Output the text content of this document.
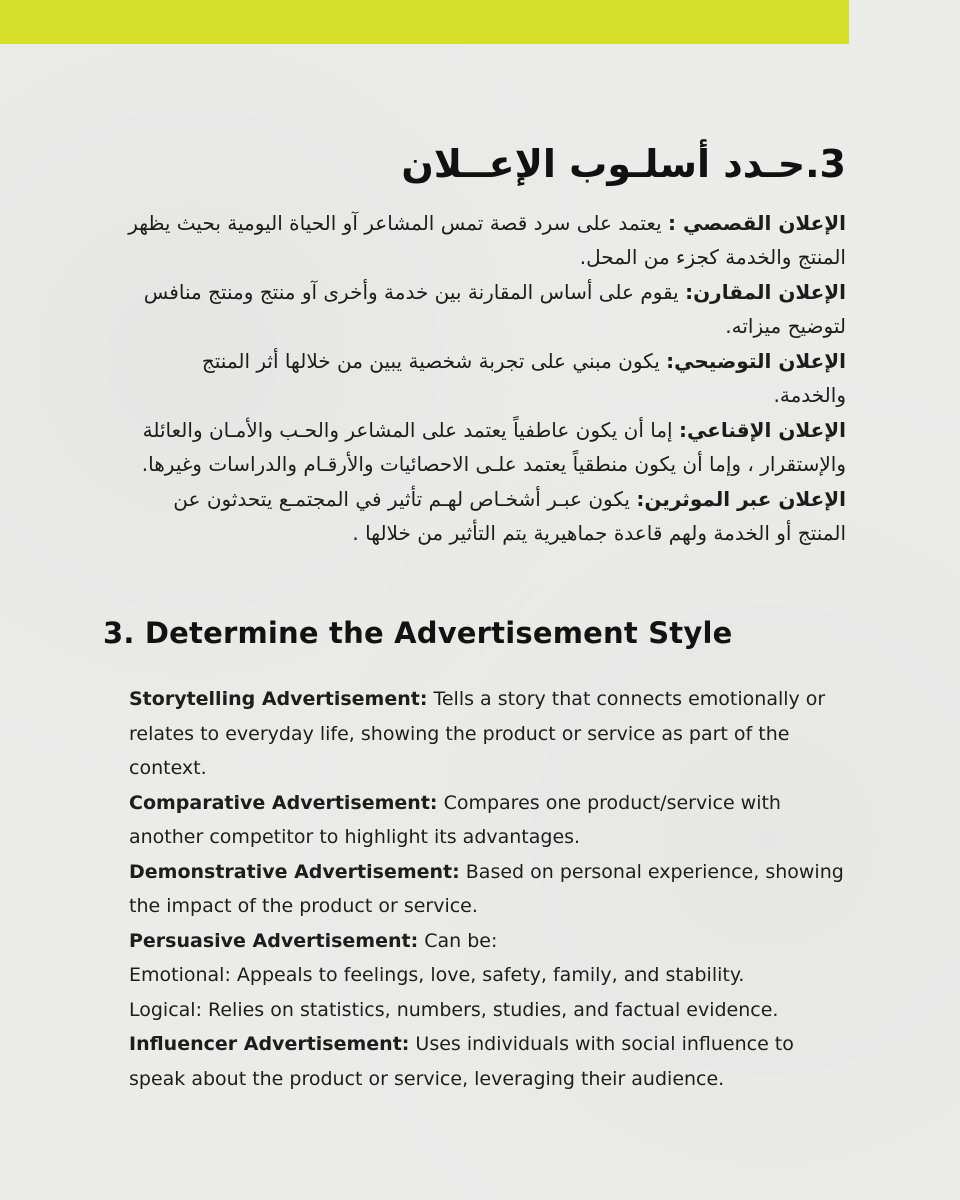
3.حـدد أسلـوب الإعــلان

الإعلان القصصي : يعتمد على سرد قصة تمس المشاعر آو الحياة اليومية بحيث يظهر المنتج والخدمة كجزء من المحل.

الإعلان المقارن: يقوم على أساس المقارنة بين خدمة وأخرى آو منتج ومنتج منافس لتوضيح ميزاته.

الإعلان التوضيحي: يكون مبني على تجربة شخصية يبين من خلالها أثر المنتج والخدمة.

الإعلان الإقناعي: إما أن يكون عاطفياً يعتمد على المشاعر والحـب والأمـان والعائلة والإستقرار ، وإما أن يكون منطقياً يعتمد علـى الاحصائيات والأرقـام والدراسات وغيرها.

الإعلان عبر الموثرين: يكون عبـر أشخـاص لهـم تأثير في المجتمـع يتحدثون عن المنتج أو الخدمة ولهم قاعدة جماهيرية يتم التأثير من خلالها .

3. Determine the Advertisement Style

Storytelling Advertisement: Tells a story that connects emotionally or relates to everyday life, showing the product or service as part of the context.

Comparative Advertisement: Compares one product/service with another competitor to highlight its advantages.

Demonstrative Advertisement: Based on personal experience, showing the impact of the product or service.

Persuasive Advertisement: Can be:

Emotional: Appeals to feelings, love, safety, family, and stability.

Logical: Relies on statistics, numbers, studies, and factual evidence.

Influencer Advertisement: Uses individuals with social influence to speak about the product or service, leveraging their audience.
